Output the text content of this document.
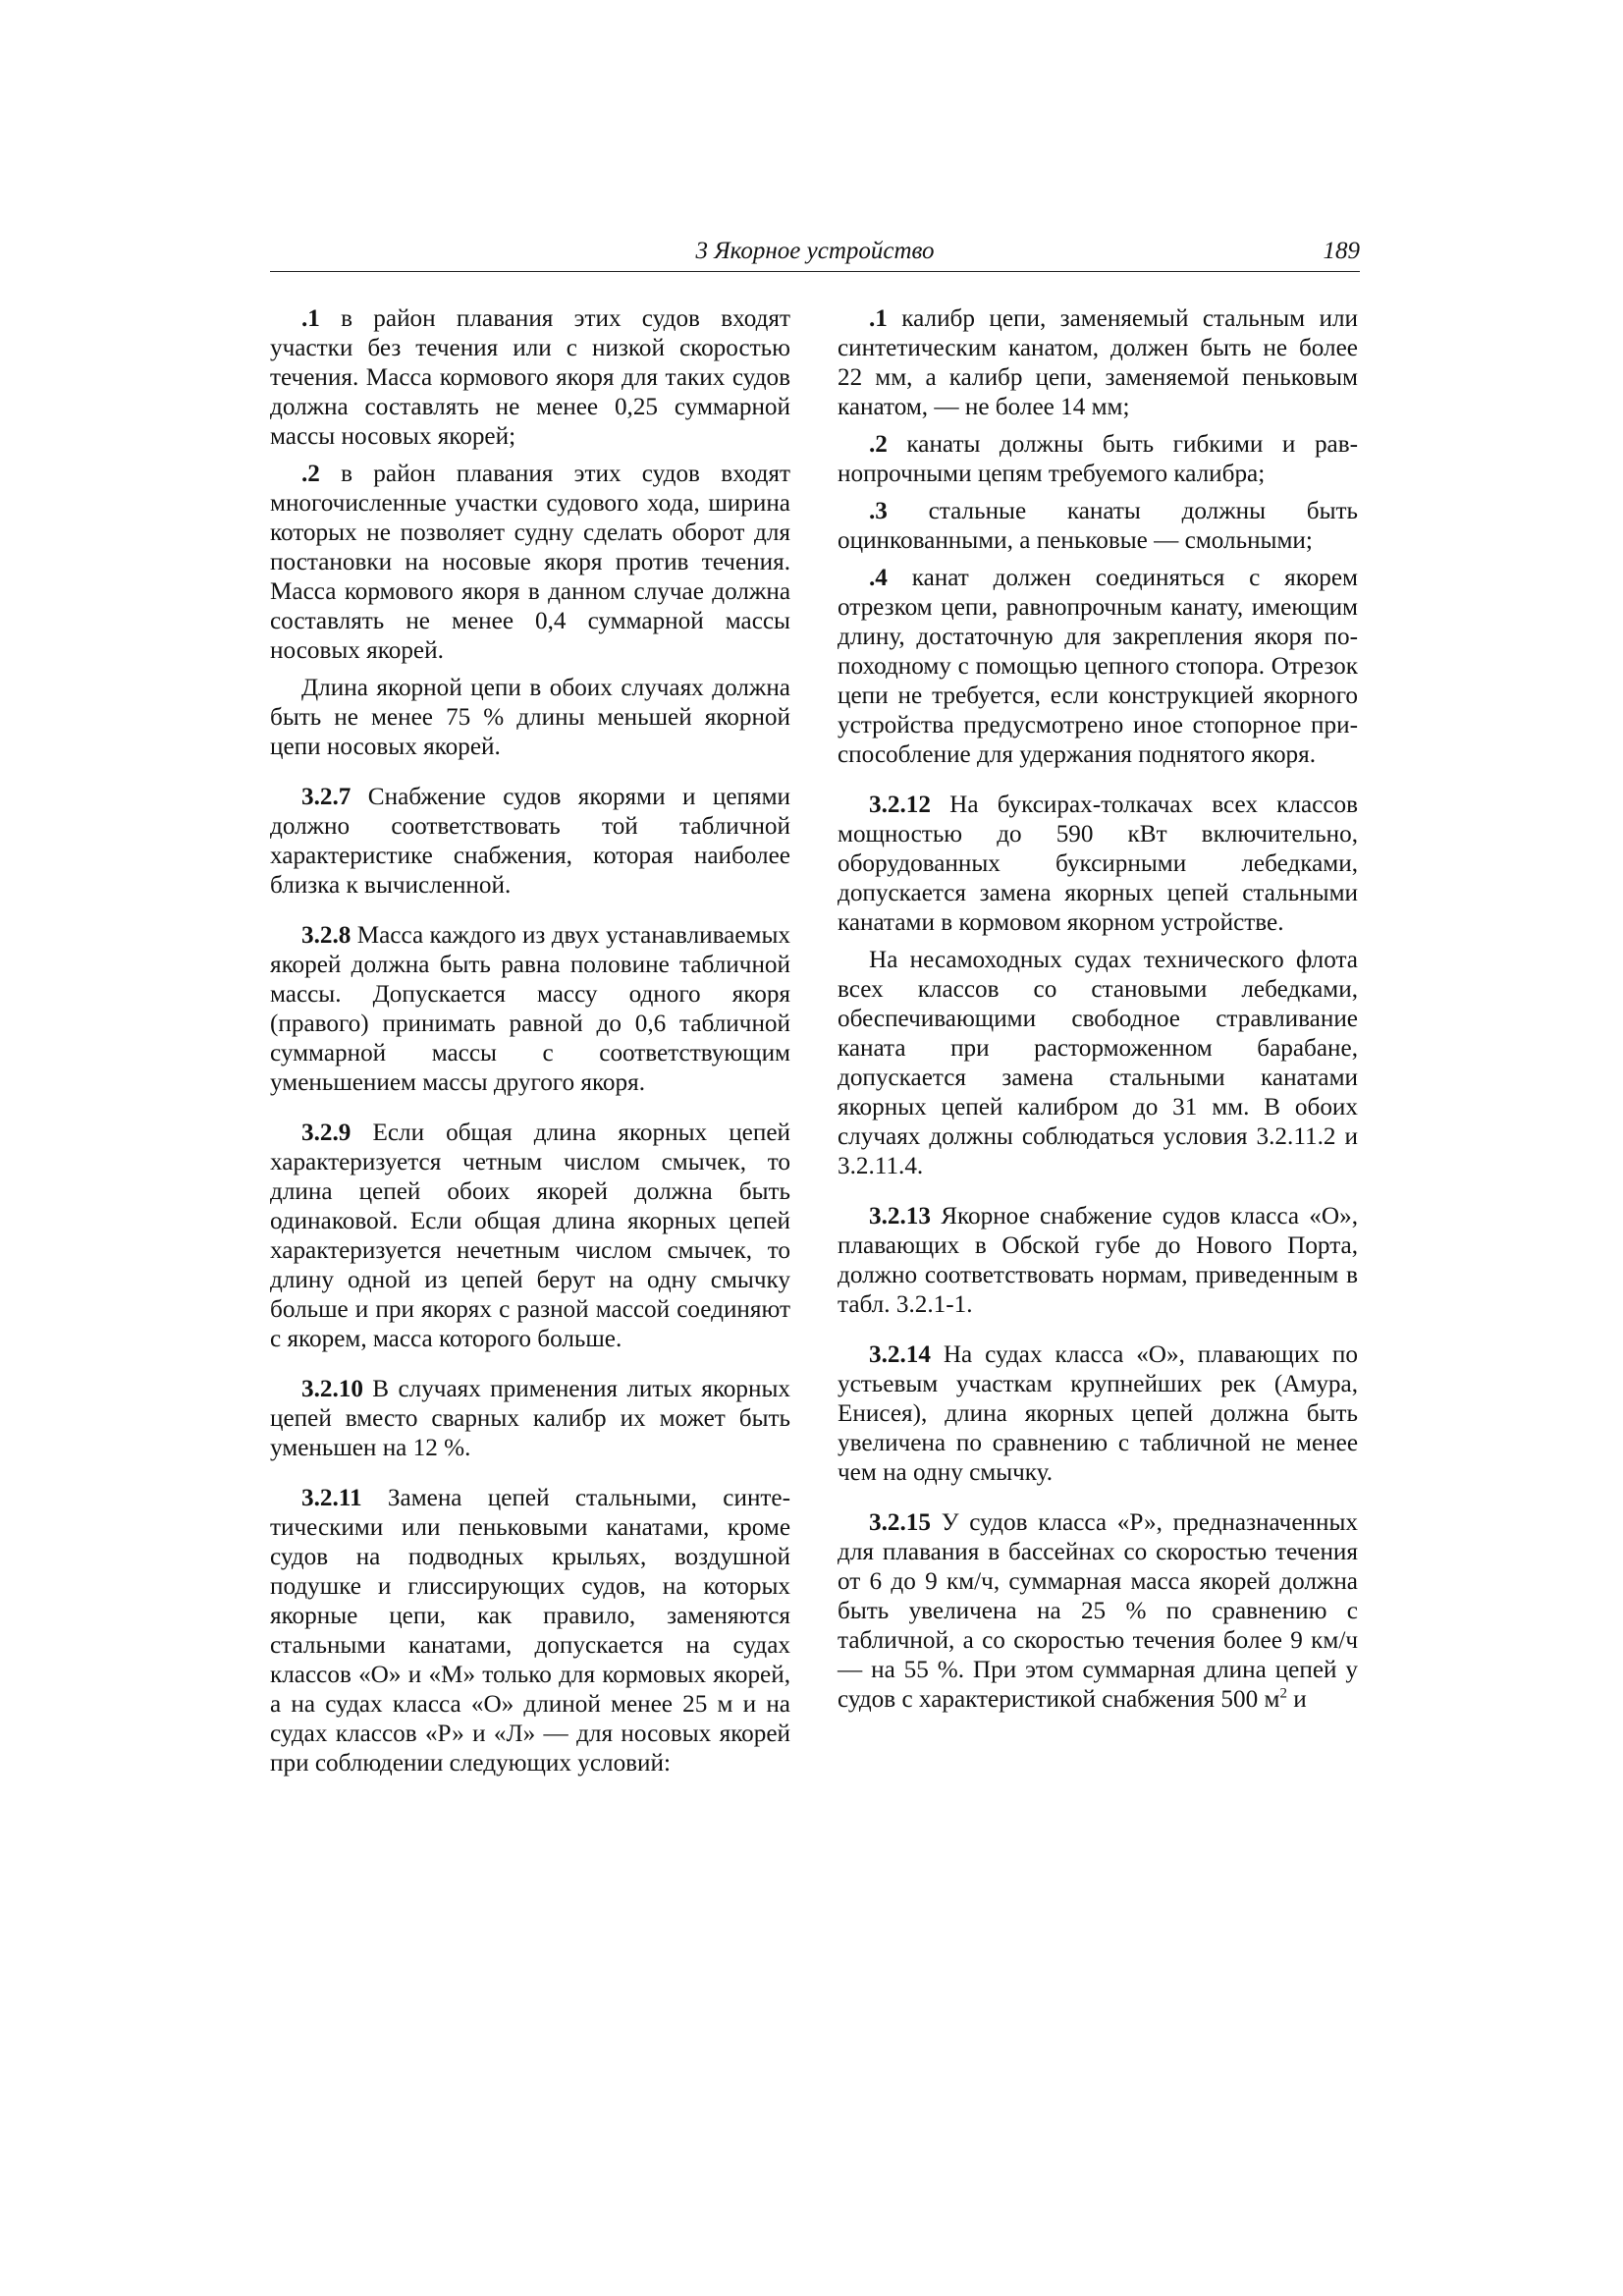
3 Якорное устройство	189

.1 в район плавания этих судов входят участки без течения или с низкой скоростью течения. Масса кормового якоря для таких судов должна составлять не менее 0,25 суммарной массы носовых якорей;

.2 в район плавания этих судов входят многочисленные участки судового хода, ширина которых не позволяет судну сделать оборот для постановки на носовые якоря против течения. Масса кормового якоря в данном случае должна составлять не менее 0,4 суммарной массы носовых якорей.

Длина якорной цепи в обоих случаях должна быть не менее 75 % длины меньшей якорной цепи носовых якорей.

3.2.7 Снабжение судов якорями и цепями должно соответствовать той табличной характеристике снабжения, которая наиболее близка к вычисленной.

3.2.8 Масса каждого из двух устанавливаемых якорей должна быть равна половине табличной массы. Допускается массу одного якоря (правого) принимать равной до 0,6 табличной суммарной массы с соответствующим уменьшением массы другого якоря.

3.2.9 Если общая длина якорных цепей характеризуется четным числом смычек, то длина цепей обоих якорей должна быть одинаковой. Если общая длина якорных цепей характеризуется нечетным числом смычек, то длину одной из цепей берут на одну смычку больше и при якорях с разной массой соединяют с якорем, масса которого больше.

3.2.10 В случаях применения литых якорных цепей вместо сварных калибр их может быть уменьшен на 12 %.

3.2.11 Замена цепей стальными, синтетическими или пеньковыми канатами, кроме судов на подводных крыльях, воздушной подушке и глиссирующих судов, на которых якорные цепи, как правило, заменяются стальными канатами, допускается на судах классов «О» и «М» только для кормовых якорей, а на судах класса «О» длиной менее 25 м и на судах классов «Р» и «Л» — для носовых якорей при соблюдении следующих условий:

.1 калибр цепи, заменяемый стальным или синтетическим канатом, должен быть не более 22 мм, а калибр цепи, заменяемой пеньковым канатом, — не более 14 мм;

.2 канаты должны быть гибкими и равнопрочными цепям требуемого калибра;

.3 стальные канаты должны быть оцинкованными, а пеньковые — смольными;

.4 канат должен соединяться с якорем отрезком цепи, равнопрочным канату, имеющим длину, достаточную для закрепления якоря по-походному с помощью цепного стопора. Отрезок цепи не требуется, если конструкцией якорного устройства предусмотрено иное стопорное приспособление для удержания поднятого якоря.

3.2.12 На буксирах-толкачах всех классов мощностью до 590 кВт включительно, оборудованных буксирными лебедками, допускается замена якорных цепей стальными канатами в кормовом якорном устройстве.

На несамоходных судах технического флота всех классов со становыми лебедками, обеспечивающими свободное стравливание каната при расторможенном барабане, допускается замена стальными канатами якорных цепей калибром до 31 мм. В обоих случаях должны соблюдаться условия 3.2.11.2 и 3.2.11.4.

3.2.13 Якорное снабжение судов класса «О», плавающих в Обской губе до Нового Порта, должно соответствовать нормам, приведенным в табл. 3.2.1-1.

3.2.14 На судах класса «О», плавающих по устьевым участкам крупнейших рек (Амура, Енисея), длина якорных цепей должна быть увеличена по сравнению с табличной не менее чем на одну смычку.

3.2.15 У судов класса «Р», предназначенных для плавания в бассейнах со скоростью течения от 6 до 9 км/ч, суммарная масса якорей должна быть увеличена на 25 % по сравнению с табличной, а со скоростью течения более 9 км/ч — на 55 %. При этом суммарная длина цепей у судов с характеристикой снабжения 500 $м^2$ и
